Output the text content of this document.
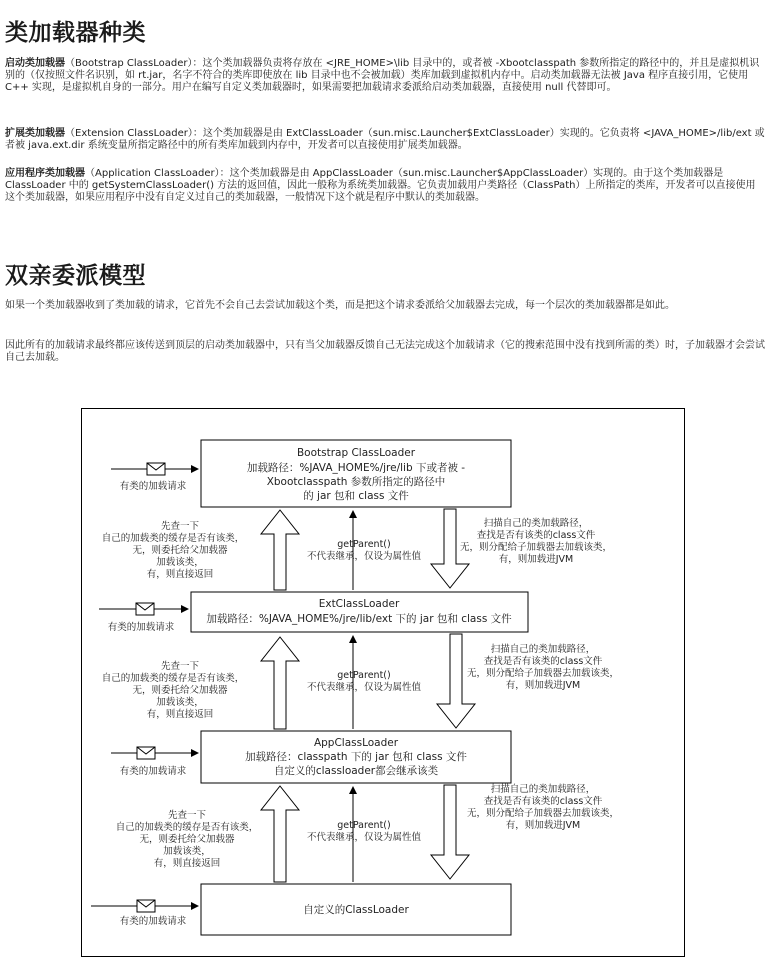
类加载器种类

启动类加载器（Bootstrap ClassLoader）：这个类加载器负责将存放在 <JRE_HOME>\lib 目录中的，或者被 -Xbootclasspath 参数所指定的路径中的，并且是虚拟机识别的（仅按照文件名识别，如 rt.jar，名字不符合的类库即使放在 lib 目录中也不会被加载）类库加载到虚拟机内存中。启动类加载器无法被 Java 程序直接引用，它使用 C++ 实现，是虚拟机自身的一部分。用户在编写自定义类加载器时，如果需要把加载请求委派给启动类加载器，直接使用 null 代替即可。

扩展类加载器（Extension ClassLoader）：这个类加载器是由 ExtClassLoader（sun.misc.Launcher$ExtClassLoader）实现的。它负责将 <JAVA_HOME>/lib/ext 或者被 java.ext.dir 系统变量所指定路径中的所有类库加载到内存中，开发者可以直接使用扩展类加载器。

应用程序类加载器（Application ClassLoader）：这个类加载器是由 AppClassLoader（sun.misc.Launcher$AppClassLoader）实现的。由于这个类加载器是 ClassLoader 中的 getSystemClassLoader() 方法的返回值，因此一般称为系统类加载器。它负责加载用户类路径（ClassPath）上所指定的类库，开发者可以直接使用这个类加载器，如果应用程序中没有自定义过自己的类加载器，一般情况下这个就是程序中默认的类加载器。

双亲委派模型

如果一个类加载器收到了类加载的请求，它首先不会自己去尝试加载这个类，而是把这个请求委派给父加载器去完成，每一个层次的类加载器都是如此。

因此所有的加载请求最终都应该传送到顶层的启动类加载器中，只有当父加载器反馈自己无法完成这个加载请求（它的搜索范围中没有找到所需的类）时，子加载器才会尝试自己去加载。

Bootstrap ClassLoader
加载路径：%JAVA_HOME%/jre/lib 下或者被 -
Xbootclasspath 参数所指定的路径中
的 jar 包和 class 文件
ExtClassLoader
加载路径：%JAVA_HOME%/jre/lib/ext 下的 jar 包和 class 文件
AppClassLoader
加载路径：classpath 下的 jar 包和 class 文件
自定义的classloader都会继承该类
自定义的ClassLoader
有类的加载请求
有类的加载请求
有类的加载请求
有类的加载请求
先查一下
自己的加载类的缓存是否有该类，
无，则委托给父加载器
加载该类，
有，则直接返回
先查一下
自己的加载类的缓存是否有该类，
无，则委托给父加载器
加载该类，
有，则直接返回
先查一下
自己的加载类的缓存是否有该类，
无，则委托给父加载器
加载该类，
有，则直接返回
getParent()
不代表继承，仅设为属性值
getParent()
不代表继承，仅设为属性值
getParent()
不代表继承，仅设为属性值
扫描自己的类加载路径，
查找是否有该类的class文件
无，则分配给子加载器去加载该类，
有，则加载进JVM
扫描自己的类加载路径，
查找是否有该类的class文件
无，则分配给子加载器去加载该类，
有，则加载进JVM
扫描自己的类加载路径，
查找是否有该类的class文件
无，则分配给子加载器去加载该类，
有，则加载进JVM
